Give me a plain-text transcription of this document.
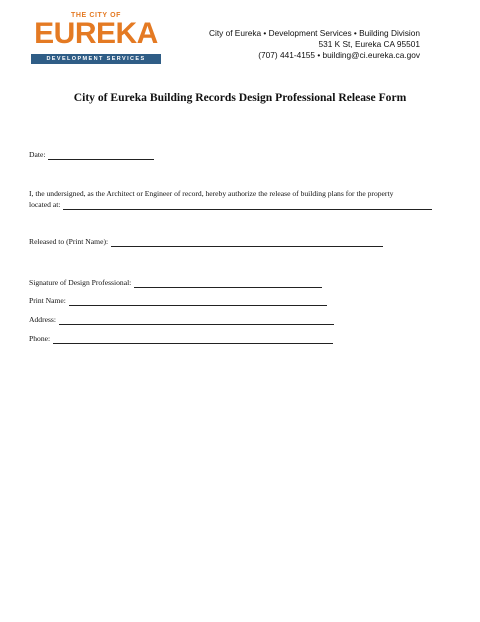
THE CITY OF
EUREKA
DEVELOPMENT SERVICES
City of Eureka • Development Services • Building Division
531 K St, Eureka CA 95501
(707) 441-4155 • building@ci.eureka.ca.gov
City of Eureka Building Records Design Professional Release Form
Date:
I, the undersigned, as the Architect or Engineer of record, hereby authorize the release of building plans for the property
located at:
Released to (Print Name):
Signature of Design Professional:
Print Name:
Address:
Phone:
